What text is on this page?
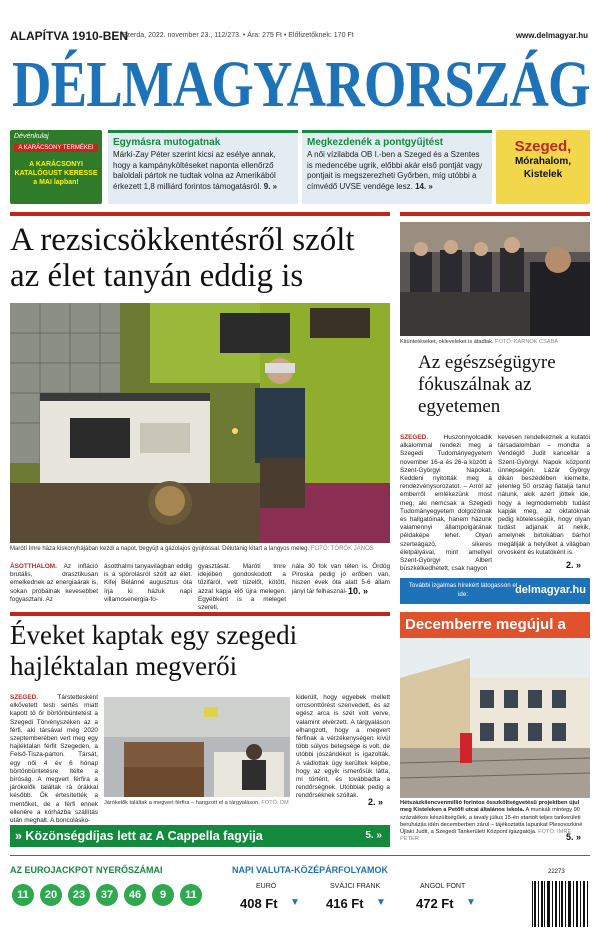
ALAPÍTVA 1910-BEN
Szerda, 2022. november 23., 112/273. • Ára: 275 Ft • Előfizetőknek: 170 Ft	www.delmagyar.hu
DÉLMAGYARORSZÁG
Dévénkulaj
A KARÁCSONY TERMÉKEI
A KARÁCSONYI KATALÓGUST KERESSE a MAI lapban!
Egymásra mutogatnak
Márki-Zay Péter szerint kicsi az esélye annak, hogy a kampányköltéseket naponta ellenőrző baloldali pártok ne tudtak volna az Amerikából érkezett 1,8 milliárd forintos támogatásról. 9. »
Megkezdenék a pontgyűjtést
A női vízilabda OB I.-ben a Szeged és a Szentes is medencébe ugrik, előbbi akár első pontját vagy pontjait is megszerezheti Győrben, míg utóbbi a címvédő UVSE vendége lesz. 14. »
Szeged,
Mórahalom,
Kistelek
A rezsicsökkentésről szólt az élet tanyán eddig is
Marótí Imre háza kiskonyhájában kezdi a napot, begyújt a gázolajos gyújtóssal. Délutánig kitart a langyos meleg. FOTÓ: TÖRÖK JÁNOS
ÁSOTTHALOM. Az infláció brutális, drasztikusan emelkednek az energiaárak is, sokan próbálnak kevesebbet fogyasztani. Az
ásotthalmi tanyavilágban eddig is a spórolásról szólt az élet. Kifej Bélánné augusztus óta írja ki házuk napi villamosenergia-fo-
gyasztását. Marótí Imre idejében gondoskodott a tűzifáról, vett tüzelőt, kötött, azzal kapja elő újra melegen. Egyébként is a meleget szereti,
nála 30 fok van télen is. Ördög Piroska pedig jó erőben van, hiszen évek óta alatt 5-6 állam jányi tár felhasznál- 10. »
Kitüntetéseket, okleveleket is átadtak. FOTÓ: KARNOK CSABA
Az egészségügyre fókuszálnak az egyetemen
SZEGED. Huszonnyolcadik alkalommal rendezi meg a Szegedi Tudományegyetem november 16-a és 26-a között a Szent-Györgyi Napokat. Keddeni nyitották meg a rendezvénysorozatot. – Arról az emberről emlékezünk most meg, aki nemcsak a Szegedi Tudományegyetem dolgozóinak és hallgatóinak, hanem házunk valamennyi állampolgárának példaképe lehet. Olyan szerteágazó, sikeres életpályával, mint amellyel Szent-Györgyi Albert büszkélkedhetett, csak nagyon
kevesen rendelkeznek a kutatói társadalomban – mondta a Vendéglő Judit kancellár a Szent-Györgyi Napok központi ünnepségén. Lázár György dikán beszédében kiemelte, jelenleg 50 ország fiatalja tanul nálunk, akik azért jöttek ide, hogy a legmodernebb tudást kapják meg, az oktatóknak pedig kötelességük, hogy olyan tudást adjanak át nekik, amelynek birtokában bárhol megállják a helyüket a világban orvosként és kutatóként is.
2. »
További izgalmas hírekért látogasson el ide:	delmagyar.hu
Éveket kaptak egy szegedi hajléktalan megverői
SZEGED.	Társtettesként elkövetett testi sértés miatt kapott tö őr börtönbüntetést a Szegedi Törvényszéken az a férfi, aki társával még 2020 szeptemberében vert meg egy hajléktalan férfit Szegeden, a Felső-Tisza-parton. Társát, egy női 4 év 6 hónap börtönbüntetésre ítélte a bíróság. A megvert férfira a járókelők találtak rá órákkal később. Ők értesítették a mentőket, de a férfi ennek ellenére a kórházba szállítás után meghalt. A boncolásko-
Járókelők találtak a megvert férfira – hangzott el a tárgyaláson. FOTÓ: DM
kiderült, hogy egyebek mellett orrcsonttörést szenvedett, és az egész arca is szét volt verve, valamint elvérzett. A tárgyaláson elhangzott, hogy a megvert férfinak a vérzékenységen kívül több súlyos betegsége is volt, de utóbbi jószándékot is igazolták. A vádlottak úgy kerültek képbe, hogy az egyik ismerősük látta, mi történt, és továbbadta a rendőrségnek. Utóbbiak pedig a rendőrséknek szóltak.
2. »
» Közönségdíjas lett az A Cappella fagyija	5. »
Decemberre megújul a
Hétszázkilencvenmillió forintos összköltségvetésű projektben újul meg Kisteleken a Petőfi utcai általános iskola. A munkák mintegy 90 százalékos készültségűek, a tavaly július 15-én startolt teljes tankerületi beruházás idén decemberben zárul – tájékoztatta lapunkat Plesovszkiné Újlaki Judit, a Szegedi Tankerületi Központ igazgatója. FOTÓ: IMRE PÉTER	5. »
AZ EUROJACKPOT NYERŐSZÁMAI
11	20	23	37	46	9	11
NAPI VALUTA-KÖZÉPÁRFOLYAMOK
EURÓ
408 Ft ▼
SVÁJCI FRANK
416 Ft ▼
ANGOL FONT
472 Ft ▼
22273
